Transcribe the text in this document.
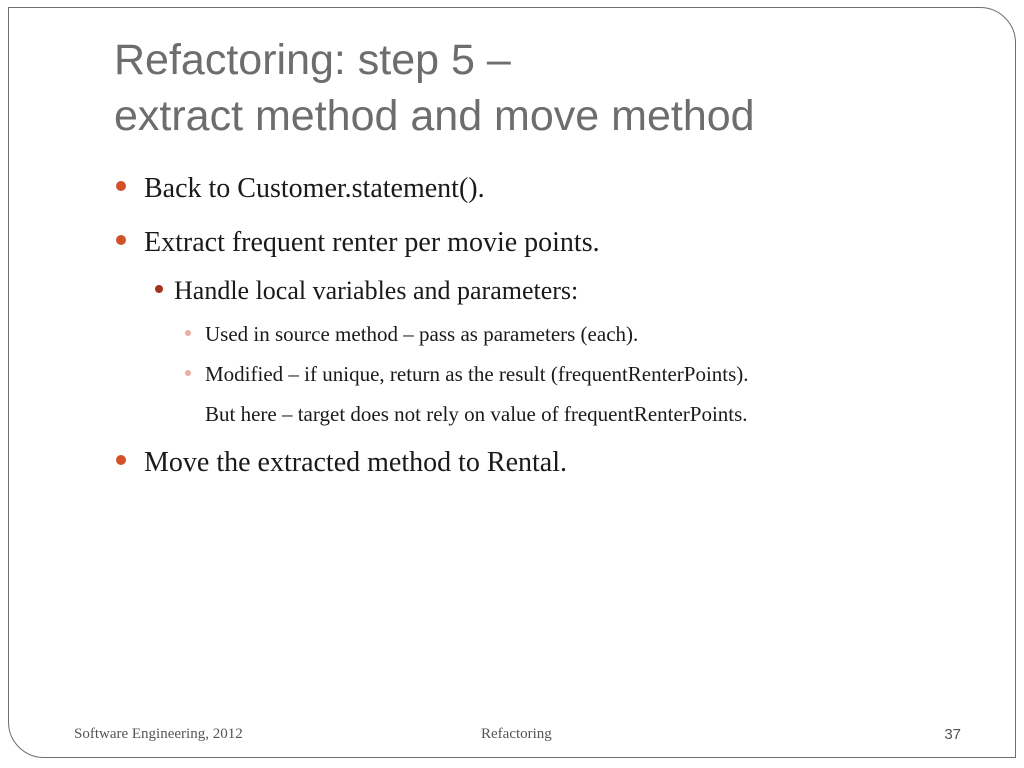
Refactoring: step 5 –
extract method and move method
Back to Customer.statement().
Extract frequent renter per movie points.
Handle local variables and parameters:
Used in source method – pass as parameters (each).
Modified – if unique, return as the result (frequentRenterPoints).
But here – target does not rely on value of frequentRenterPoints.
Move the extracted method to Rental.
Software Engineering, 2012	Refactoring	37
